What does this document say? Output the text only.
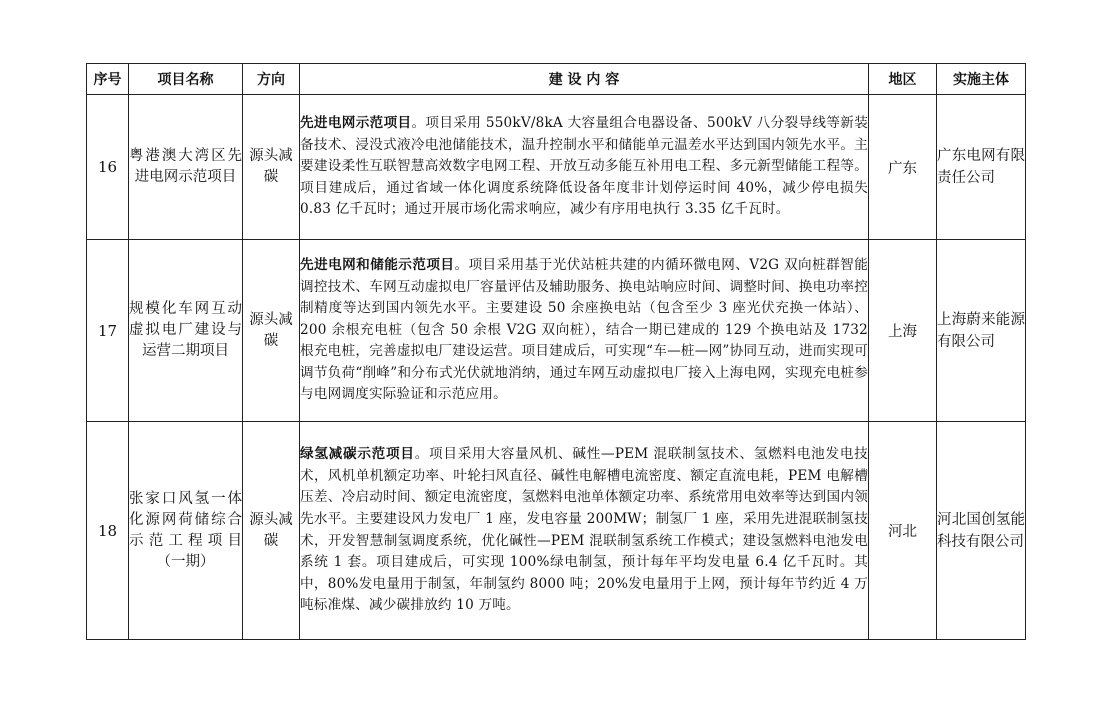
序号	项目名称	方向	建 设 内 容	地区	实施主体
16	粤港澳大湾区先进电网示范项目	源头减碳	先进电网示范项目。项目采用 550kV/8kA 大容量组合电器设备、500kV 八分裂导线等新装备技术、浸没式液冷电池储能技术，温升控制水平和储能单元温差水平达到国内领先水平。主要建设柔性互联智慧高效数字电网工程、开放互动多能互补用电工程、多元新型储能工程等。项目建成后，通过省域一体化调度系统降低设备年度非计划停运时间 40%，减少停电损失 0.83 亿千瓦时；通过开展市场化需求响应，减少有序用电执行 3.35 亿千瓦时。	广东	广东电网有限责任公司
17	规模化车网互动虚拟电厂建设与运营二期项目	源头减碳	先进电网和储能示范项目。项目采用基于光伏站桩共建的内循环微电网、V2G 双向桩群智能调控技术、车网互动虚拟电厂容量评估及辅助服务、换电站响应时间、调整时间、换电功率控制精度等达到国内领先水平。主要建设 50 余座换电站（包含至少 3 座光伏充换一体站）、200 余根充电桩（包含 50 余根 V2G 双向桩），结合一期已建成的 129 个换电站及 1732 根充电桩，完善虚拟电厂建设运营。项目建成后，可实现“车—桩—网”协同互动，进而实现可调节负荷“削峰”和分布式光伏就地消纳，通过车网互动虚拟电厂接入上海电网，实现充电桩参与电网调度实际验证和示范应用。	上海	上海蔚来能源有限公司
18	张家口风氢一体化源网荷储综合示范工程项目（一期）	源头减碳	绿氢减碳示范项目。项目采用大容量风机、碱性—PEM 混联制氢技术、氢燃料电池发电技术，风机单机额定功率、叶轮扫风直径、碱性电解槽电流密度、额定直流电耗，PEM 电解槽压差、冷启动时间、额定电流密度，氢燃料电池单体额定功率、系统常用电效率等达到国内领先水平。主要建设风力发电厂 1 座，发电容量 200MW；制氢厂 1 座，采用先进混联制氢技术，开发智慧制氢调度系统，优化碱性—PEM 混联制氢系统工作模式；建设氢燃料电池发电系统 1 套。项目建成后，可实现 100%绿电制氢，预计每年平均发电量 6.4 亿千瓦时。其中，80%发电量用于制氢，年制氢约 8000 吨；20%发电量用于上网，预计每年节约近 4 万吨标准煤、减少碳排放约 10 万吨。	河北	河北国创氢能科技有限公司
